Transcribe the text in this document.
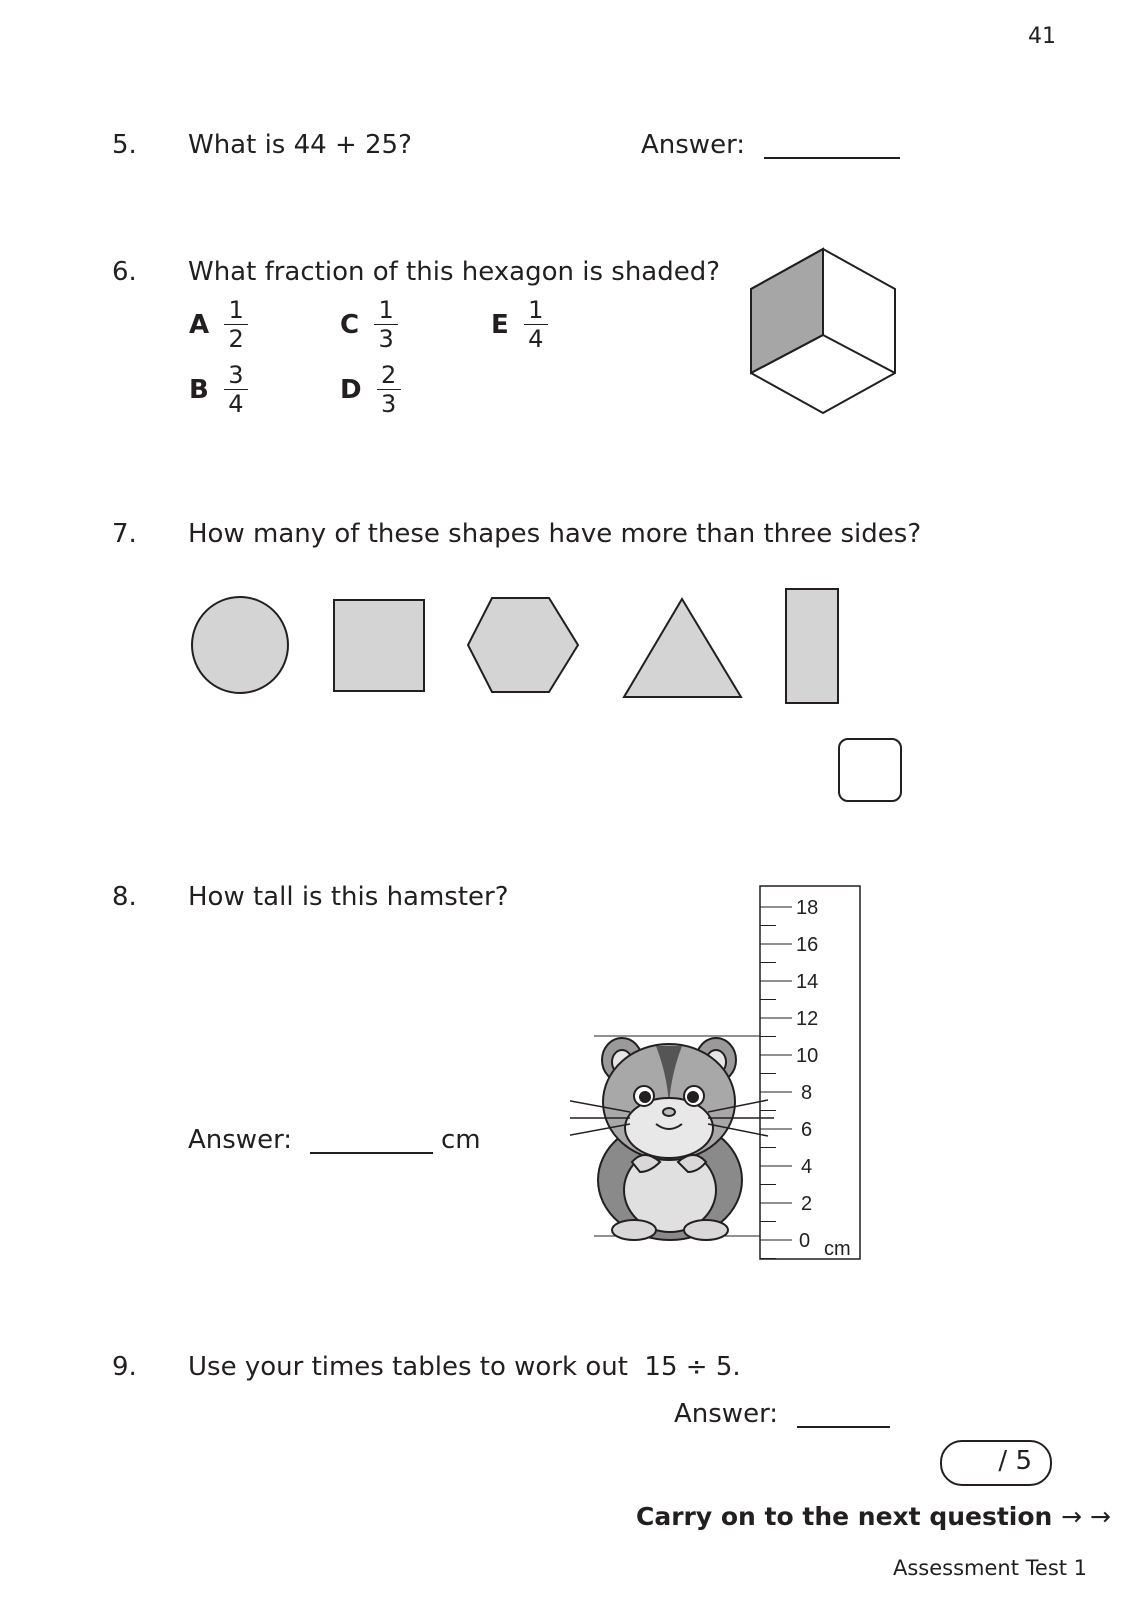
41
5. What is 44 + 25?	Answer:
6. What fraction of this hexagon is shaded?
A $\frac{1}{2}$
B $\frac{3}{4}$
C $\frac{1}{3}$
D $\frac{2}{3}$
E $\frac{1}{4}$
7. How many of these shapes have more than three sides?
8. How tall is this hamster?
Answer:	cm
18
16
14
12
10
8
6
4
2
0 cm
9. Use your times tables to work out  15 ÷ 5.
Answer:
/ 5
Carry on to the next question → →
Assessment Test 1
